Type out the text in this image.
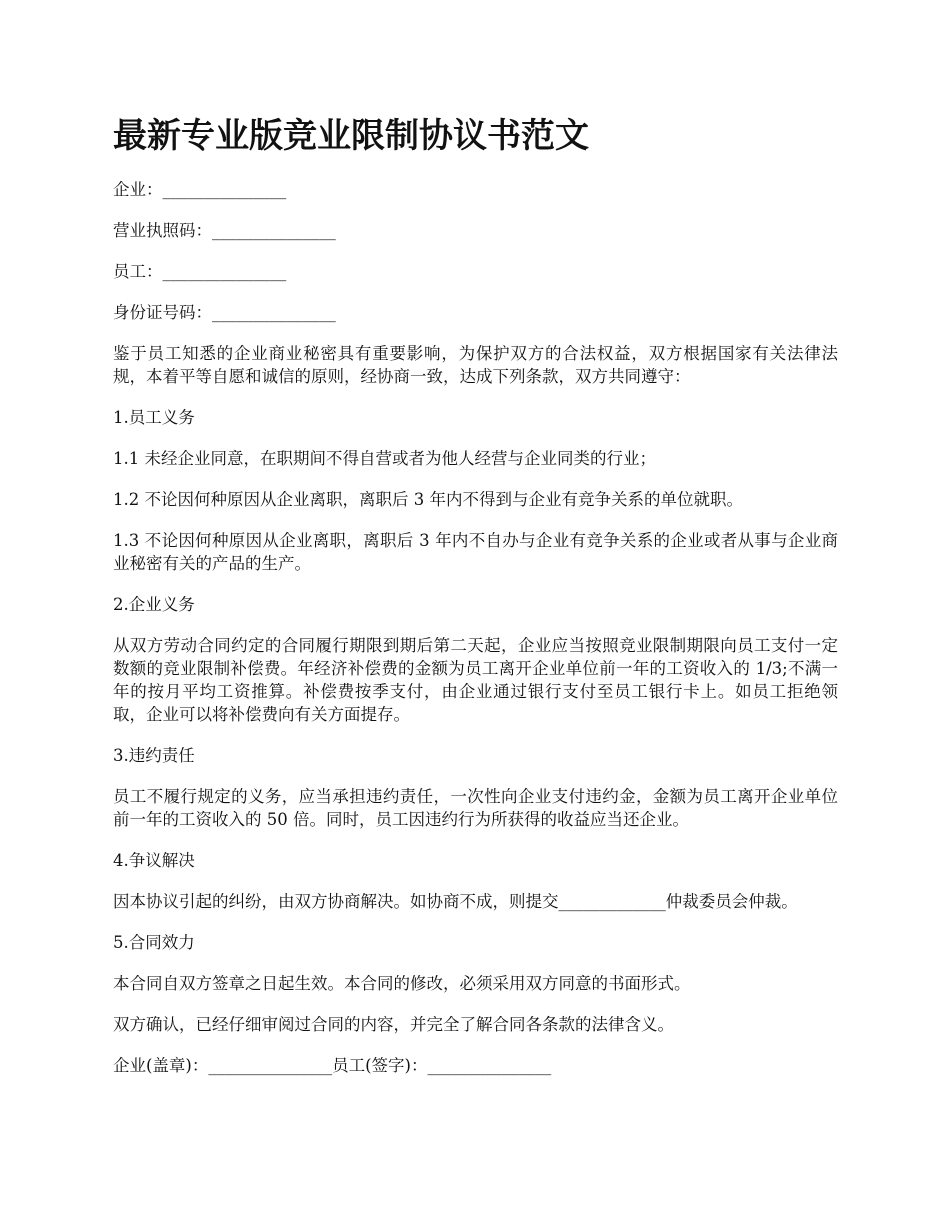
最新专业版竞业限制协议书范文

企业：_______________

营业执照码：_______________

员工：_______________

身份证号码：_______________

鉴于员工知悉的企业商业秘密具有重要影响，为保护双方的合法权益，双方根据国家有关法律法规，本着平等自愿和诚信的原则，经协商一致，达成下列条款，双方共同遵守：

1.员工义务

1.1 未经企业同意，在职期间不得自营或者为他人经营与企业同类的行业；

1.2 不论因何种原因从企业离职，离职后 3 年内不得到与企业有竞争关系的单位就职。

1.3 不论因何种原因从企业离职，离职后 3 年内不自办与企业有竞争关系的企业或者从事与企业商业秘密有关的产品的生产。

2.企业义务

从双方劳动合同约定的合同履行期限到期后第二天起，企业应当按照竞业限制期限向员工支付一定数额的竞业限制补偿费。年经济补偿费的金额为员工离开企业单位前一年的工资收入的 1/3;不满一年的按月平均工资推算。补偿费按季支付，由企业通过银行支付至员工银行卡上。如员工拒绝领取，企业可以将补偿费向有关方面提存。

3.违约责任

员工不履行规定的义务，应当承担违约责任，一次性向企业支付违约金，金额为员工离开企业单位前一年的工资收入的 50 倍。同时，员工因违约行为所获得的收益应当还企业。

4.争议解决

因本协议引起的纠纷，由双方协商解决。如协商不成，则提交_____________仲裁委员会仲裁。

5.合同效力

本合同自双方签章之日起生效。本合同的修改，必须采用双方同意的书面形式。

双方确认，已经仔细审阅过合同的内容，并完全了解合同各条款的法律含义。

企业(盖章)：_______________员工(签字)：_______________
